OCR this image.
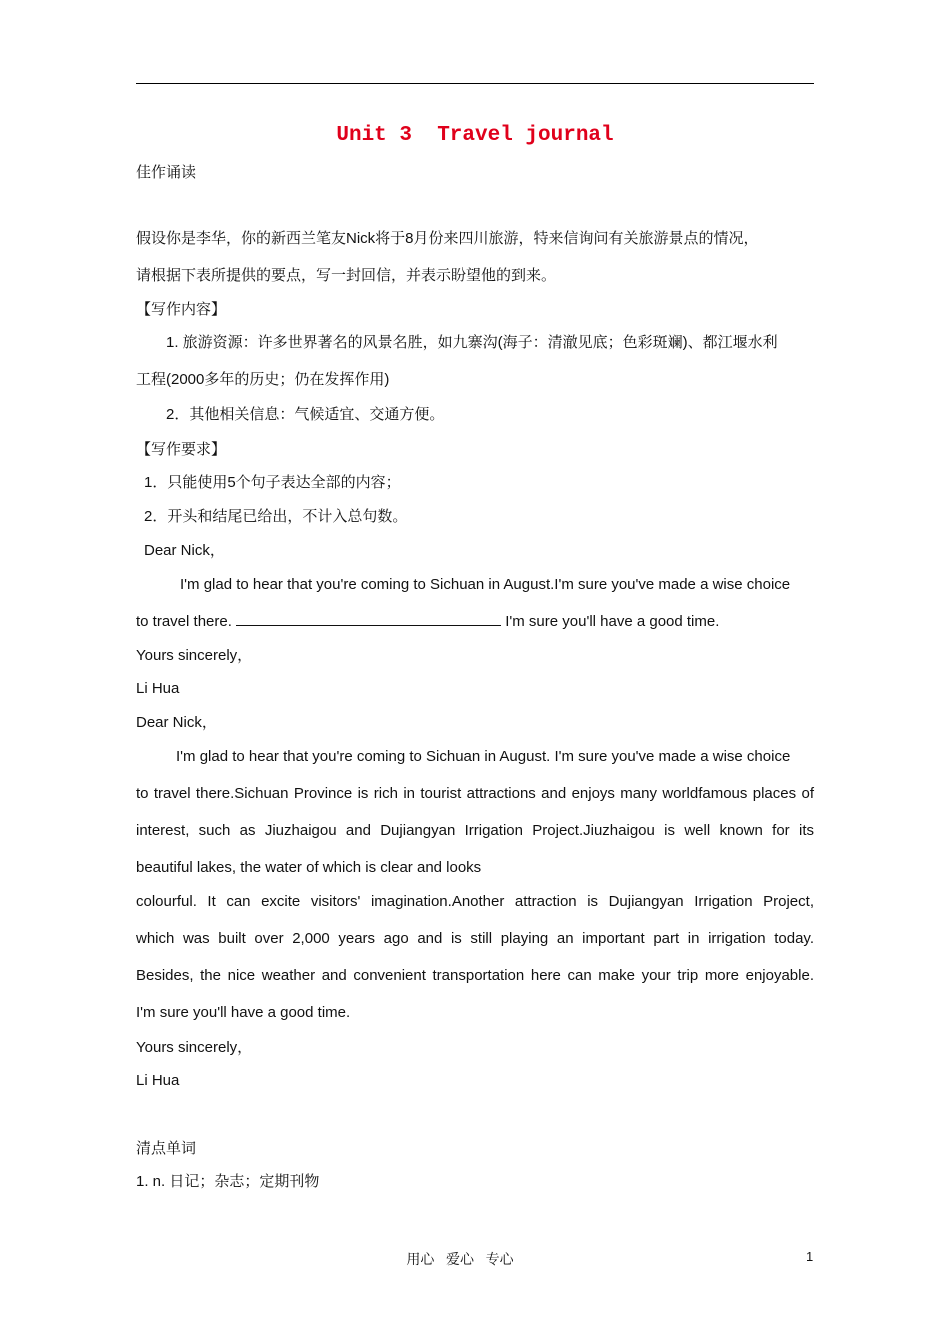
Unit 3  Travel journal
佳作诵读
假设你是李华，你的新西兰笔友Nick将于8月份来四川旅游，特来信询问有关旅游景点的情况，
请根据下表所提供的要点，写一封回信，并表示盼望他的到来。
【写作内容】
1. 旅游资源：许多世界著名的风景名胜，如九寨沟(海子：清澈见底；色彩斑斓)、都江堰水利
工程(2000多年的历史；仍在发挥作用)
2．其他相关信息：气候适宜、交通方便。
【写作要求】
1．只能使用5个句子表达全部的内容；
2．开头和结尾已给出，不计入总句数。
Dear Nick，
I'm glad to hear that you're coming to Sichuan in August.I'm sure you've made a wise choice
to travel there.	I'm sure you'll have a good time.
Yours sincerely，
Li Hua
Dear Nick，
I'm glad to hear that you're coming to Sichuan in August. I'm sure you've made a wise choice
to travel there.Sichuan Province is rich in tourist attractions and enjoys many worldfamous places of
interest, such as Jiuzhaigou and Dujiangyan Irrigation Project.Jiuzhaigou is well known for its
beautiful lakes, the water of which is clear and looks
colourful. It can excite visitors' imagination.Another attraction is Dujiangyan Irrigation Project,
which was built over 2,000 years ago and is still playing an important part in irrigation today.
Besides, the nice weather and convenient transportation here can make your trip more enjoyable.
I'm sure you'll have a good time.
Yours sincerely，
Li Hua
清点单词
1. n. 日记；杂志；定期刊物
用心   爱心   专心	1
